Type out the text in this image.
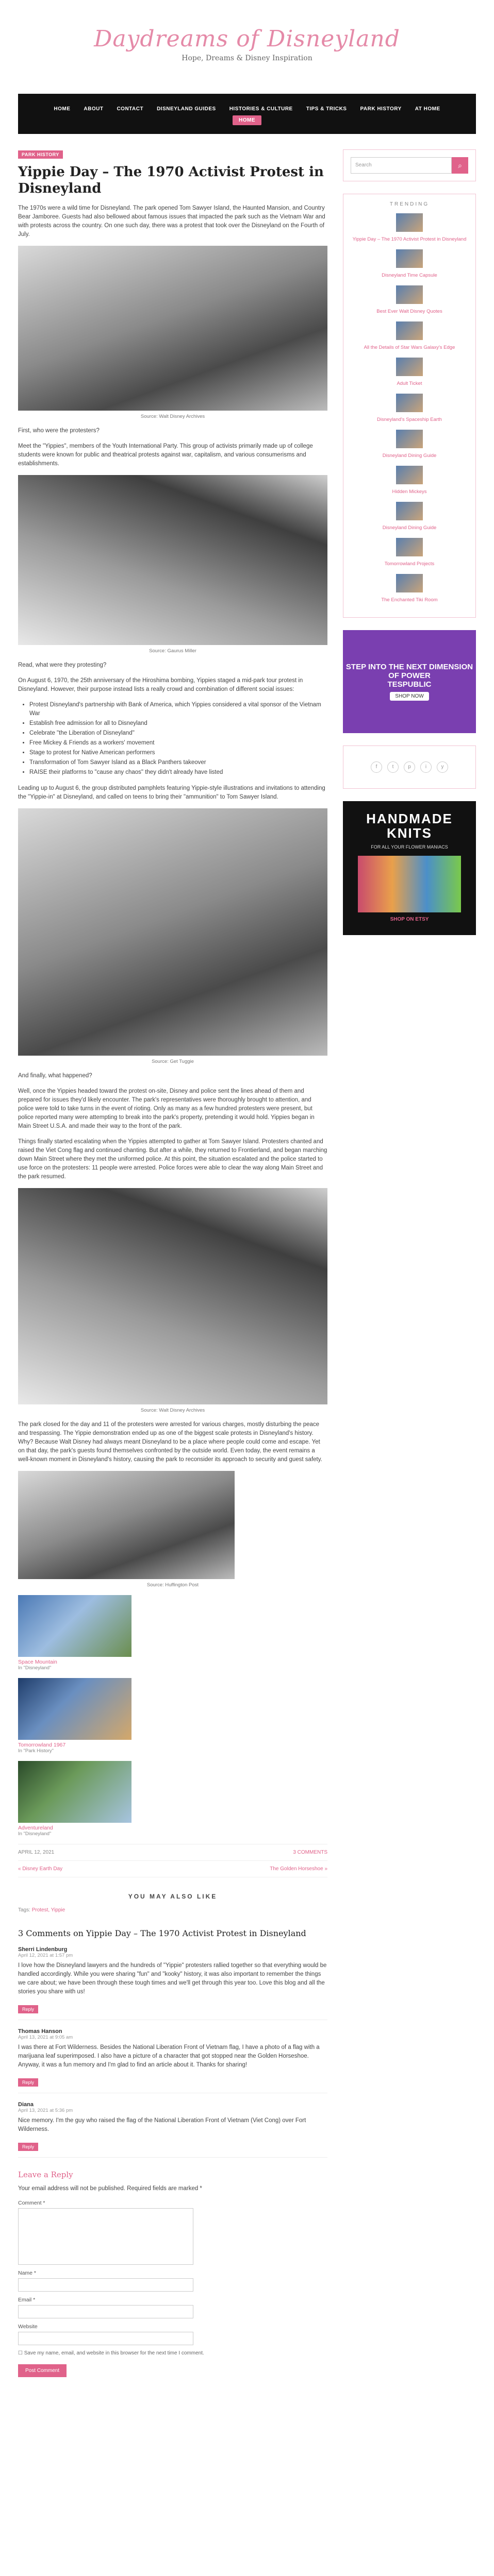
Daydreams of Disneyland
Hope, Dreams & Disney Inspiration
HOME	ABOUT	CONTACT	DISNEYLAND GUIDES	HISTORIES & CULTURE	TIPS & TRICKS	PARK HISTORY	AT HOME
HOME
PARK HISTORY
Yippie Day – The 1970 Activist Protest in Disneyland

The 1970s were a wild time for Disneyland. The park opened Tom Sawyer Island, the Haunted Mansion, and Country Bear Jamboree. Guests had also bellowed about famous issues that impacted the park such as the Vietnam War and with protests across the country. On one such day, there was a protest that took over the Disneyland on the Fourth of July.

Source: Walt Disney Archives

First, who were the protesters?

Meet the "Yippies", members of the Youth International Party. This group of activists primarily made up of college students were known for public and theatrical protests against war, capitalism, and various consumerisms and establishments.

Source: Gaurus Miller

Read, what were they protesting?

On August 6, 1970, the 25th anniversary of the Hiroshima bombing, Yippies staged a mid-park tour protest in Disneyland. However, their purpose instead lists a really crowd and combination of different social issues:

• Protest Disneyland's partnership with Bank of America, which Yippies considered a vital sponsor of the Vietnam War
• Establish free admission for all to Disneyland
• Celebrate "the Liberation of Disneyland"
• Free Mickey & Friends as a workers' movement
• Stage to protest for Native American performers
• Transformation of Tom Sawyer Island as a Black Panthers takeover
• RAISE their platforms to "cause any chaos" they didn't already have listed

Leading up to August 6, the group distributed pamphlets featuring Yippie-style illustrations and invitations to attending the "Yippie-in" at Disneyland, and called on teens to bring their "ammunition" to Tom Sawyer Island.

Source: Get Tuggie

And finally, what happened?

Well, once the Yippies headed toward the protest on-site, Disney and police sent the lines ahead of them and prepared for issues they'd likely encounter. The park's representatives were thoroughly brought to attention, and police were told to take turns in the event of rioting. Only as many as a few hundred protesters were present, but police reported many were attempting to break into the park's property, pretending it would hold. Yippies began in Main Street U.S.A. and made their way to the front of the park.

Things finally started escalating when the Yippies attempted to gather at Tom Sawyer Island. Protesters chanted and raised the Viet Cong flag and continued chanting. But after a while, they returned to Frontierland, and began marching down Main Street where they met the uniformed police. At this point, the situation escalated and the police started to use force on the protesters: 11 people were arrested. Police forces were able to clear the way along Main Street and the park resumed.

Source: Walt Disney Archives

The park closed for the day and 11 of the protesters were arrested for various charges, mostly disturbing the peace and trespassing. The Yippie demonstration ended up as one of the biggest scale protests in Disneyland's history. Why? Because Walt Disney had always meant Disneyland to be a place where people could come and escape. Yet on that day, the park's guests found themselves confronted by the outside world. Even today, the event remains a well-known moment in Disneyland's history, causing the park to reconsider its approach to security and guest safety.

Source: Huffington Post
Space Mountain
In "Disneyland"
Tomorrowland 1967
In "Park History"
Adventureland
In "Disneyland"
APRIL 12, 2021	3 COMMENTS
« Disney Earth Day	The Golden Horseshoe »
YOU MAY ALSO LIKE
Tags: Protest, Yippie
3 Comments on Yippie Day – The 1970 Activist Protest in Disneyland
Sherri Lindenburg
April 12, 2021 at 1:57 pm

I love how the Disneyland lawyers and the hundreds of "Yippie" protesters rallied together so that everything would be handled accordingly. While you were sharing "fun" and "kooky" history, it was also important to remember the things we care about; we have been through these tough times and we'll get through this year too. Love this blog and all the stories you share with us!

Reply
Thomas Hanson
April 13, 2021 at 9:05 am

I was there at Fort Wilderness. Besides the National Liberation Front of Vietnam flag, I have a photo of a flag with a marijuana leaf superimposed. I also have a picture of a character that got stopped near the Golden Horseshoe. Anyway, it was a fun memory and I'm glad to find an article about it. Thanks for sharing!

Reply
Diana
April 13, 2021 at 5:36 pm

Nice memory. I'm the guy who raised the flag of the National Liberation Front of Vietnam (Viet Cong) over Fort Wilderness.

Reply
Leave a Reply

Your email address will not be published. Required fields are marked *

Comment *
Name *
Email *
Website
☐ Save my name, email, and website in this browser for the next time I comment.
Post Comment
Search	⌕
TRENDING
Yippie Day – The 1970 Activist Protest in Disneyland
Disneyland Time Capsule
Best Ever Walt Disney Quotes
All the Details of Star Wars Galaxy's Edge
Adult Ticket
Disneyland's Spaceship Earth
Disneyland Dining Guide
Hidden Mickeys
Disneyland Dining Guide
Tomorrowland Projects
The Enchanted Tiki Room
STEP INTO THE NEXT DIMENSION OF POWER
TESPUBLIC
SHOP NOW
f	t	p	i	y
HANDMADE KNITS
FOR ALL YOUR FLOWER MANIACS
SHOP ON ETSY
